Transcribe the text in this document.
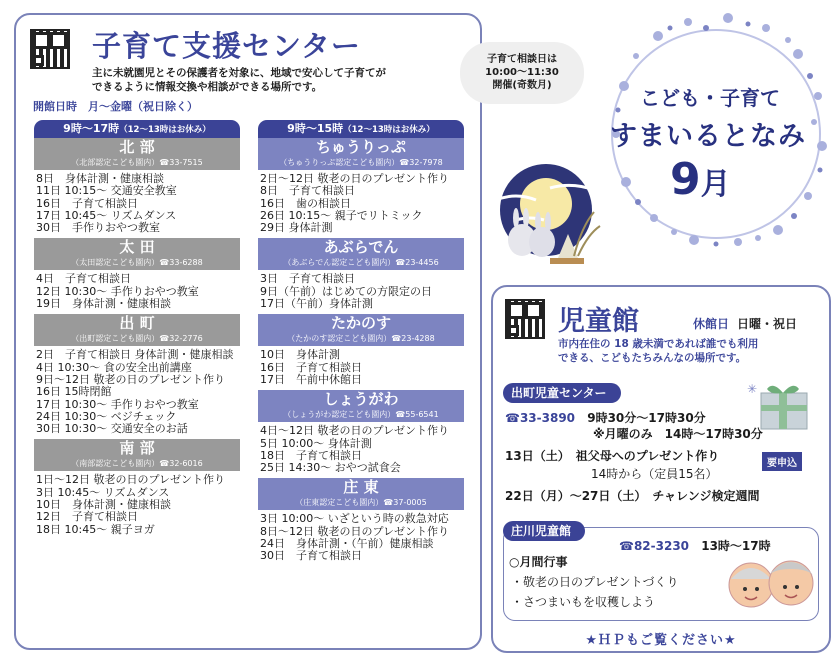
子育て支援センター
主に未就園児とその保護者を対象に、地域で安心して子育てが
できるように情報交換や相談ができる場所です。
開館日時　月～金曜（祝日除く）
子育て相談日は
10:00～11:30
開催(奇数月)
9時～17時（12～13時はお休み）
北 部
（北部認定こども園内）☎33-7515
8日　身体計測・健康相談
11日 10:15～ 交通安全教室
16日　子育て相談日
17日 10:45～ リズムダンス
30日　手作りおやつ教室
太 田
（太田認定こども園内）☎33-6288
4日　子育て相談日
12日 10:30～ 手作りおやつ教室
19日　身体計測・健康相談
出 町
（出町認定こども園内）☎32-2776
2日　子育て相談日 身体計測・健康相談
4日 10:30～ 食の安全出前講座
9日～12日 敬老の日のプレゼント作り
16日 15時閉館
17日 10:30～ 手作りおやつ教室
24日 10:30～ ベジチェック
30日 10:30～ 交通安全のお話
南 部
（南部認定こども園内）☎32-6016
1日～12日 敬老の日のプレゼント作り
3日 10:45～ リズムダンス
10日　身体計測・健康相談
12日　子育て相談日
18日 10:45～ 親子ヨガ
9時～15時（12～13時はお休み）
ちゅうりっぷ
（ちゅうりっぷ認定こども園内）☎32-7978
2日～12日 敬老の日のプレゼント作り
8日　子育て相談日
16日　歯の相談日
26日 10:15～ 親子でリトミック
29日 身体計測
あぶらでん
（あぶらでん認定こども園内）☎23-4456
3日　子育て相談日
9日（午前）はじめての方限定の日
17日（午前）身体計測
たかのす
（たかのす認定こども園内）☎23-4288
10日　身体計測
16日　子育て相談日
17日　午前中休館日
しょうがわ
（しょうがわ認定こども園内）☎55-6541
4日～12日 敬老の日のプレゼント作り
5日 10:00～ 身体計測
18日　子育て相談日
25日 14:30～ おやつ試食会
庄 東
（庄東認定こども園内）☎37-0005
3日 10:00～ いざという時の救急対応
8日～12日 敬老の日のプレゼント作り
24日　身体計測・（午前）健康相談
30日　子育て相談日
こども・子育て
すまいるとなみ
9月
児童館	休館日 日曜・祝日
市内在住の 18 歳未満であれば誰でも利用
できる、こどもたちみんなの場所です。
出町児童センター	✳
☎33-3890 9時30分～17時30分
※月曜のみ　14時～17時30分
13日（土）　祖父母へのプレゼント作り
14時から（定員15名）
要申込
22日（月）～27日（土）　チャレンジ検定週間
庄川児童館
☎82-3230 13時～17時
○月間行事
・敬老の日のプレゼントづくり
・さつまいもを収穫しよう
★ＨＰもご覧ください★
